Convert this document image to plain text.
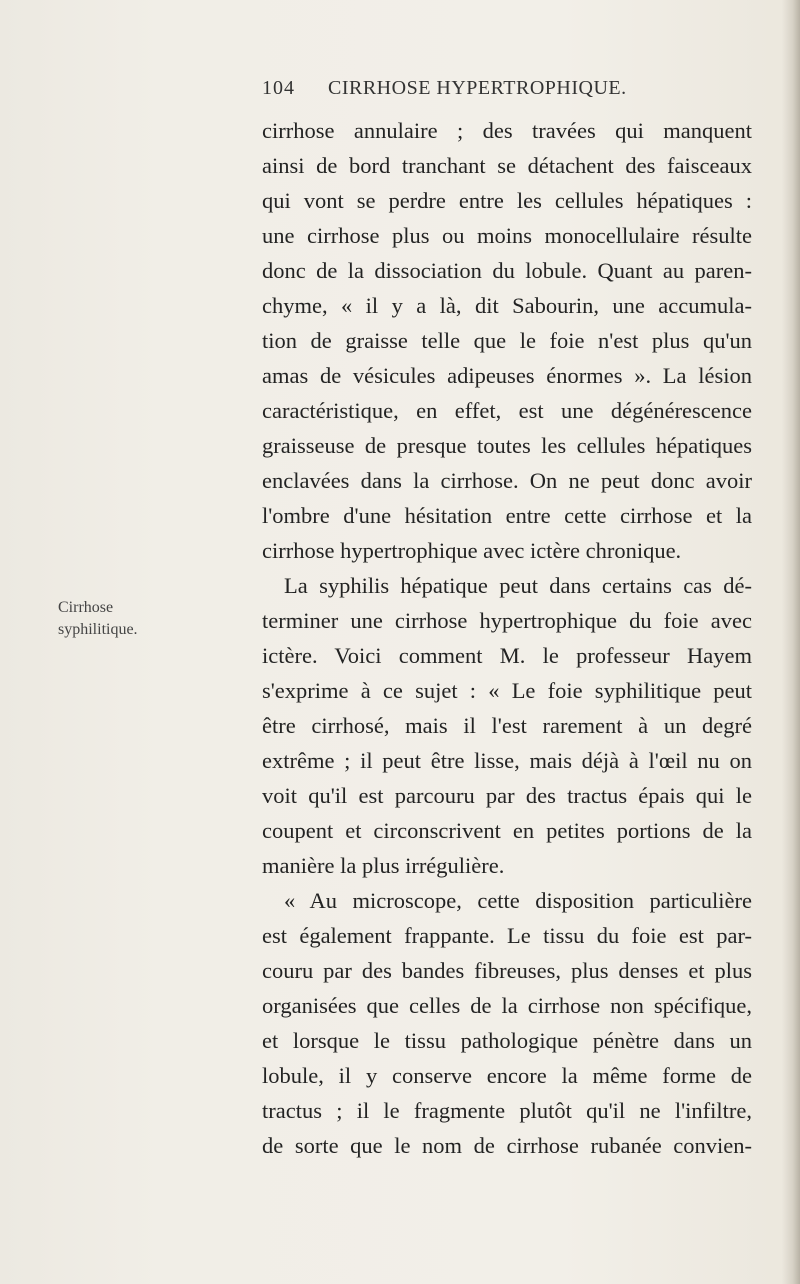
104 CIRRHOSE HYPERTROPHIQUE.
Cirrhose
syphilitique.
cirrhose annulaire ; des travées qui manquent
ainsi de bord tranchant se détachent des faisceaux
qui vont se perdre entre les cellules hépatiques :
une cirrhose plus ou moins monocellulaire résulte
donc de la dissociation du lobule. Quant au paren-
chyme, « il y a là, dit Sabourin, une accumula-
tion de graisse telle que le foie n'est plus qu'un
amas de vésicules adipeuses énormes ». La lésion
caractéristique, en effet, est une dégénérescence
graisseuse de presque toutes les cellules hépatiques
enclavées dans la cirrhose. On ne peut donc avoir
l'ombre d'une hésitation entre cette cirrhose et la
cirrhose hypertrophique avec ictère chronique.
La syphilis hépatique peut dans certains cas dé-
terminer une cirrhose hypertrophique du foie avec
ictère. Voici comment M. le professeur Hayem
s'exprime à ce sujet : « Le foie syphilitique peut
être cirrhosé, mais il l'est rarement à un degré
extrême ; il peut être lisse, mais déjà à l'œil nu on
voit qu'il est parcouru par des tractus épais qui le
coupent et circonscrivent en petites portions de la
manière la plus irrégulière.
« Au microscope, cette disposition particulière
est également frappante. Le tissu du foie est par-
couru par des bandes fibreuses, plus denses et plus
organisées que celles de la cirrhose non spécifique,
et lorsque le tissu pathologique pénètre dans un
lobule, il y conserve encore la même forme de
tractus ; il le fragmente plutôt qu'il ne l'infiltre,
de sorte que le nom de cirrhose rubanée convien-
